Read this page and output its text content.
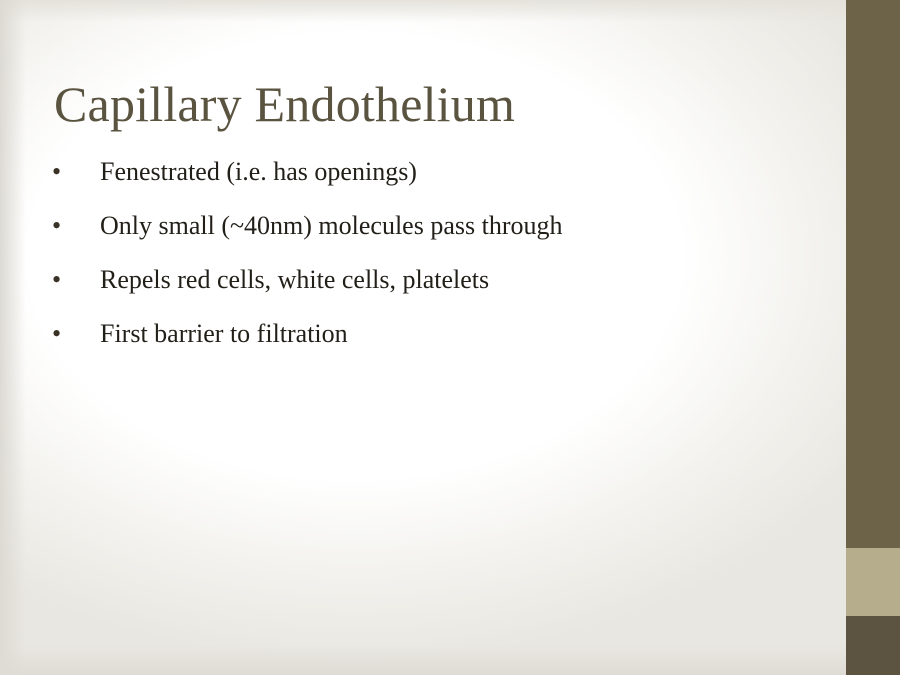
Capillary Endothelium
•	Fenestrated (i.e. has openings)
•	Only small (~40nm) molecules pass through
•	Repels red cells, white cells, platelets
•	First barrier to filtration
